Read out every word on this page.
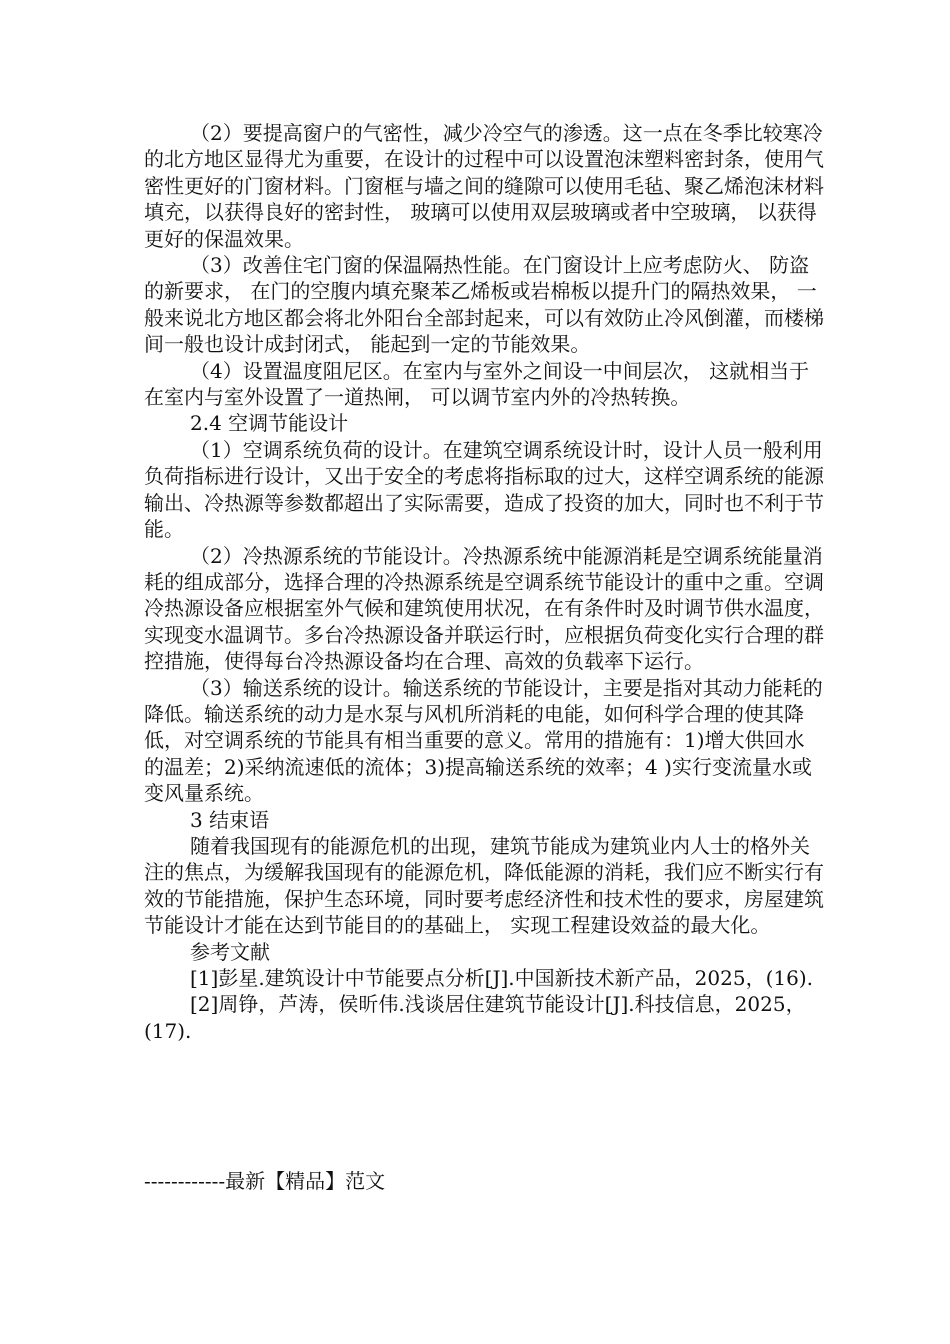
（2）要提高窗户的气密性，减少冷空气的渗透。这一点在冬季比较寒冷的北方地区显得尤为重要，在设计的过程中可以设置泡沫塑料密封条，使用气密性更好的门窗材料。门窗框与墙之间的缝隙可以使用毛毡、聚乙烯泡沫材料填充，以获得良好的密封性， 玻璃可以使用双层玻璃或者中空玻璃， 以获得更好的保温效果。

（3）改善住宅门窗的保温隔热性能。在门窗设计上应考虑防火、 防盗的新要求， 在门的空腹内填充聚苯乙烯板或岩棉板以提升门的隔热效果， 一般来说北方地区都会将北外阳台全部封起来，可以有效防止冷风倒灌，而楼梯间一般也设计成封闭式， 能起到一定的节能效果。

（4）设置温度阻尼区。在室内与室外之间设一中间层次， 这就相当于在室内与室外设置了一道热闸， 可以调节室内外的冷热转换。

2.4 空调节能设计

（1）空调系统负荷的设计。在建筑空调系统设计时，设计人员一般利用负荷指标进行设计，又出于安全的考虑将指标取的过大，这样空调系统的能源输出、冷热源等参数都超出了实际需要，造成了投资的加大，同时也不利于节能。

（2）冷热源系统的节能设计。冷热源系统中能源消耗是空调系统能量消耗的组成部分，选择合理的冷热源系统是空调系统节能设计的重中之重。空调冷热源设备应根据室外气候和建筑使用状况，在有条件时及时调节供水温度，实现变水温调节。多台冷热源设备并联运行时，应根据负荷变化实行合理的群控措施，使得每台冷热源设备均在合理、高效的负载率下运行。

（3）输送系统的设计。输送系统的节能设计，主要是指对其动力能耗的降低。输送系统的动力是水泵与风机所消耗的电能，如何科学合理的使其降低，对空调系统的节能具有相当重要的意义。常用的措施有：1)增大供回水的温差；2)采纳流速低的流体；3)提高输送系统的效率；4 )实行变流量水或变风量系统。

3 结束语

随着我国现有的能源危机的出现，建筑节能成为建筑业内人士的格外关注的焦点，为缓解我国现有的能源危机，降低能源的消耗，我们应不断实行有效的节能措施，保护生态环境，同时要考虑经济性和技术性的要求，房屋建筑节能设计才能在达到节能目的的基础上， 实现工程建设效益的最大化。

参考文献

[1]彭星.建筑设计中节能要点分析[J].中国新技术新产品，2025，(16).

[2]周铮，芦涛，侯昕伟.浅谈居住建筑节能设计[J].科技信息，2025，(17).

------------最新【精品】范文
